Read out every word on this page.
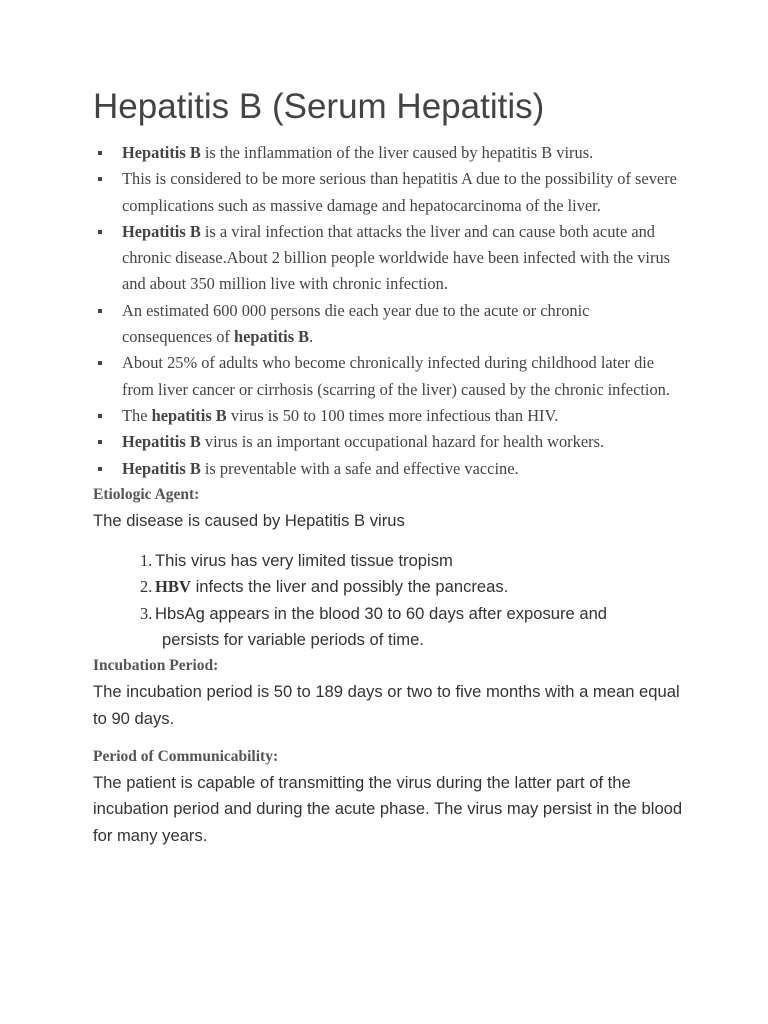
Hepatitis B (Serum Hepatitis)
Hepatitis B is the inflammation of the liver caused by hepatitis B virus.
This is considered to be more serious than hepatitis A due to the possibility of severe complications such as massive damage and hepatocarcinoma of the liver.
Hepatitis B is a viral infection that attacks the liver and can cause both acute and chronic disease.About 2 billion people worldwide have been infected with the virus and about 350 million live with chronic infection.
An estimated 600 000 persons die each year due to the acute or chronic consequences of hepatitis B.
About 25% of adults who become chronically infected during childhood later die from liver cancer or cirrhosis (scarring of the liver) caused by the chronic infection.
The hepatitis B virus is 50 to 100 times more infectious than HIV.
Hepatitis B virus is an important occupational hazard for health workers.
Hepatitis B is preventable with a safe and effective vaccine.

Etiologic Agent:

The disease is caused by Hepatitis B virus

1. This virus has very limited tissue tropism
2. HBV infects the liver and possibly the pancreas.
3. HbsAg appears in the blood 30 to 60 days after exposure and
persists for variable periods of time.

Incubation Period:

The incubation period is 50 to 189 days or two to five months with a mean equal to 90 days.

Period of Communicability:

The patient is capable of transmitting the virus during the latter part of the incubation period and during the acute phase. The virus may persist in the blood for many years.
